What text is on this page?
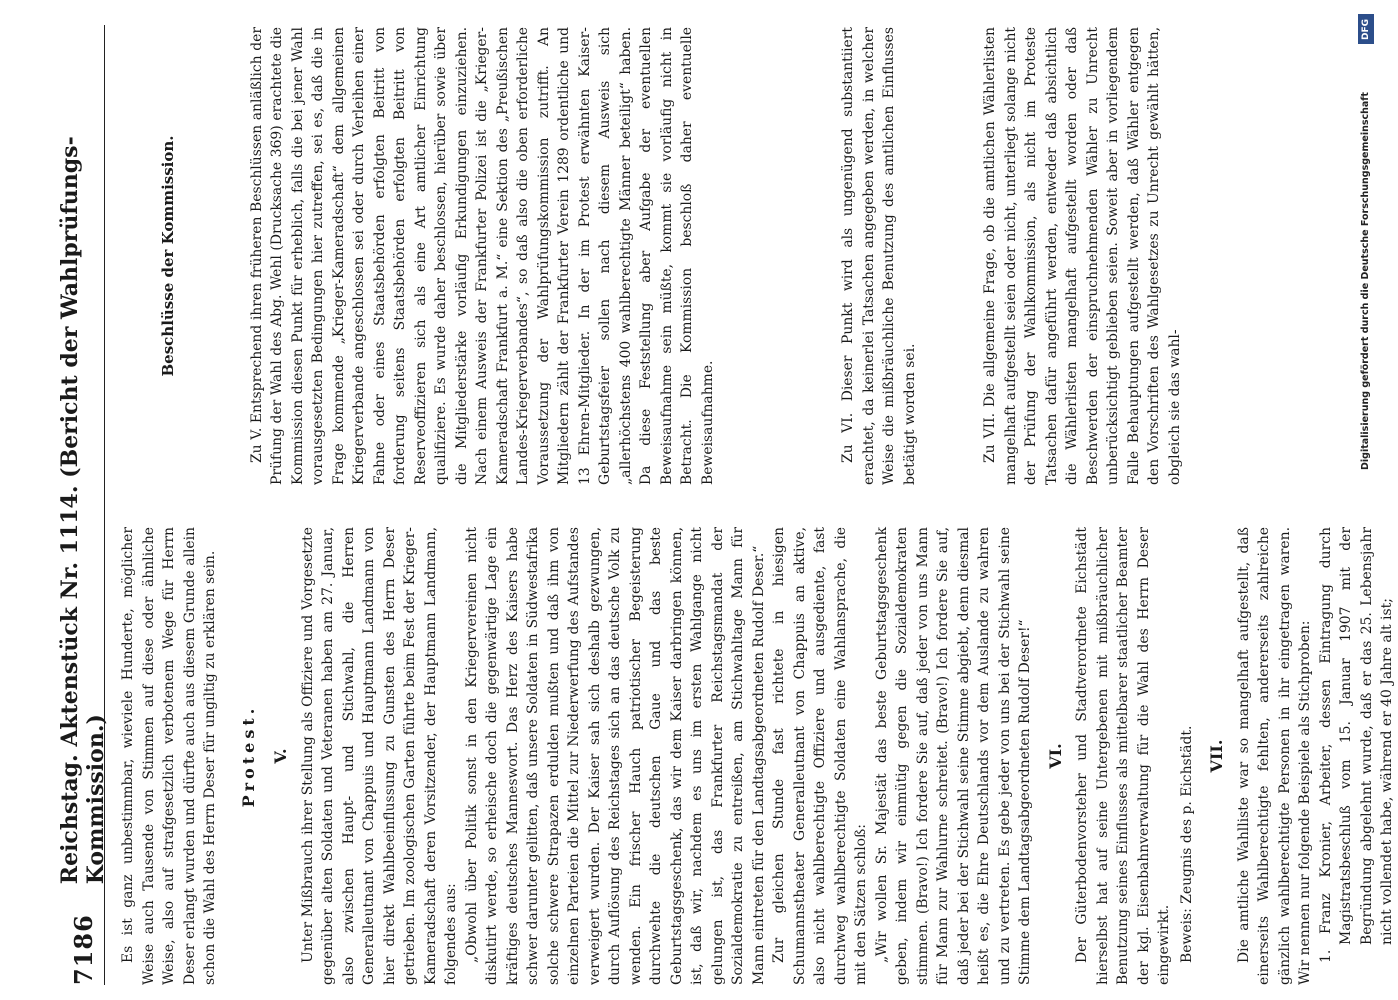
7186
Reichstag. Aktenstück Nr. 1114. (Bericht der Wahlprüfungs-Kommission.) Es ist ganz unbestimmbar, wieviele Hunderte, möglicher Weise auch Tausende von Stimmen auf diese oder ähnliche Weise, also auf strafgesetzlich verbotenem Wege für Herrn Deser erlangt wurden und dürfte auch aus diesem Grunde allein schon die Wahl des Herrn Deser für ungiltig zu erklären sein. Protest. V. Unter Mißbrauch ihrer Stellung als Offiziere und Vorgesetzte gegenüber alten Soldaten und Veteranen haben am 27. Januar, also zwischen Haupt- und Stichwahl, die Herren Generalleutnant von Chappuis und Hauptmann Landmann von hier direkt Wahlbeeinflussung zu Gunsten des Herrn Deser getrieben. Im zoologischen Garten führte beim Fest der Krieger-Kameradschaft deren Vorsitzender, der Hauptmann Landmann, folgendes aus: „Obwohl über Politik sonst in den Kriegervereinen nicht diskutirt werde, so erheische doch die gegenwärtige Lage ein kräftiges deutsches Manneswort. Das Herz des Kaisers habe schwer darunter gelitten, daß unsere Soldaten in Südwestafrika solche schwere Strapazen erdulden mußten und daß ihm von einzelnen Parteien die Mittel zur Niederwerfung des Aufstandes verweigert wurden. Der Kaiser sah sich deshalb gezwungen, durch Auflösung des Reichstages sich an das deutsche Volk zu wenden. Ein frischer Hauch patriotischer Begeisterung durchwehte die deutschen Gaue und das beste Geburtstagsgeschenk, das wir dem Kaiser darbringen können, ist, daß wir, nachdem es uns im ersten Wahlgange nicht gelungen ist, das Frankfurter Reichstagsmandat der Sozialdemokratie zu entreißen, am Stichwahltage Mann für Mann eintreten für den Landtagsabgeordneten Rudolf Deser.“ Zur gleichen Stunde fast richtete in hiesigen Schumannstheater Generalleutnant von Chappuis an aktive, also nicht wahlberechtigte Offiziere und ausgediente, fast durchweg wahlberechtigte Soldaten eine Wahlansprache, die mit den Sätzen schloß: „Wir wollen Sr. Majestät das beste Geburtstagsgeschenk geben, indem wir einmütig gegen die Sozialdemokraten stimmen. (Bravo!) Ich fordere Sie auf, daß jeder von uns Mann für Mann zur Wahlurne schreitet. (Bravo!) Ich fordere Sie auf, daß jeder bei der Stichwahl seine Stimme abgiebt, denn diesmal heißt es, die Ehre Deutschlands vor dem Auslande zu wahren und zu vertreten. Es gebe jeder von uns bei der Stichwahl seine Stimme dem Landtagsabgeordneten Rudolf Deser!“ VI. Der Güterbodenvorsteher und Stadtverordnete Eichstädt hierselbst hat auf seine Untergebenen mit mißbräuchlicher Benutzung seines Einflusses als mittelbarer staatlicher Beamter der kgl. Eisenbahnverwaltung für die Wahl des Herrn Deser eingewirkt. Beweis: Zeugnis des p. Eichstädt. VII. Die amtliche Wahlliste war so mangelhaft aufgestellt, daß einerseits Wahlberechtigte fehlten, andererseits zahlreiche gänzlich wahlberechtigte Personen in ihr eingetragen waren. Wir nennen nur folgende Beispiele als Stichproben: 1. Franz Kronier, Arbeiter, dessen Eintragung durch Magistratsbeschluß vom 15. Januar 1907 mit der Begründung abgelehnt wurde, daß er das 25. Lebensjahr nicht vollendet habe, während er 40 Jahre alt ist;

Beschlüsse der Kommission.	Zu V. Entsprechend ihren früheren Beschlüssen anläßlich der Prüfung der Wahl des Abg. Wehl (Drucksache 369) erachtete die Kommission diesen Punkt für erheblich, falls die bei jener Wahl vorausgesetzten Bedingungen hier zutreffen, sei es, daß die in Frage kommende „Krieger-Kameradschaft“ dem allgemeinen Kriegerverbande angeschlossen sei oder durch Verleihen einer Fahne oder eines Staatsbehörden erfolgten Beitritt von forderung seitens Staatsbehörden erfolgten Beitritt von Reserveoffizieren sich als eine Art amtlicher Einrichtung qualifiziere. Es wurde daher beschlossen, hierüber sowie über die Mitgliederstärke vorläufig Erkundigungen einzuziehen. Nach einem Ausweis der Frankfurter Polizei ist die „Krieger-Kameradschaft Frankfurt a. M.“ eine Sektion des „Preußischen Landes-Kriegerverbandes“, so daß also die oben erforderliche Voraussetzung der Wahlprüfungskommission zutrifft. An Mitgliedern zählt der Frankfurter Verein 1289 ordentliche und 13 Ehren-Mitglieder. In der im Protest erwähnten Kaiser-Geburtstagsfeier sollen nach diesem Ausweis sich „allerhöchstens 400 wahlberechtigte Männer beteiligt“ haben. Da diese Feststellung aber Aufgabe der eventuellen Beweisaufnahme sein müßte, kommt sie vorläufig nicht in Betracht. Die Kommission beschloß daher eventuelle Beweisaufnahme.	Zu VI. Dieser Punkt wird als ungenügend substantiiert erachtet, da keinerlei Tatsachen angegeben werden, in welcher Weise die mißbräuchliche Benutzung des amtlichen Einflusses betätigt worden sei.	Zu VII. Die allgemeine Frage, ob die amtlichen Wählerlisten mangelhaft aufgestellt seien oder nicht, unterliegt solange nicht der Prüfung der Wahlkommission, als nicht im Proteste Tatsachen dafür angeführt werden, entweder daß absichtlich die Wählerlisten mangelhaft aufgestellt worden oder daß Beschwerden der einspruchnehmenden Wähler zu Unrecht unberücksichtigt geblieben seien. Soweit aber in vorliegendem Falle Behauptungen aufgestellt werden, daß Wähler entgegen den Vorschriften des Wahlgesetzes zu Unrecht gewählt hätten, obgleich sie das wahl-

DFG
Digitalisierung gefördert durch die Deutsche Forschungsgemeinschaft
